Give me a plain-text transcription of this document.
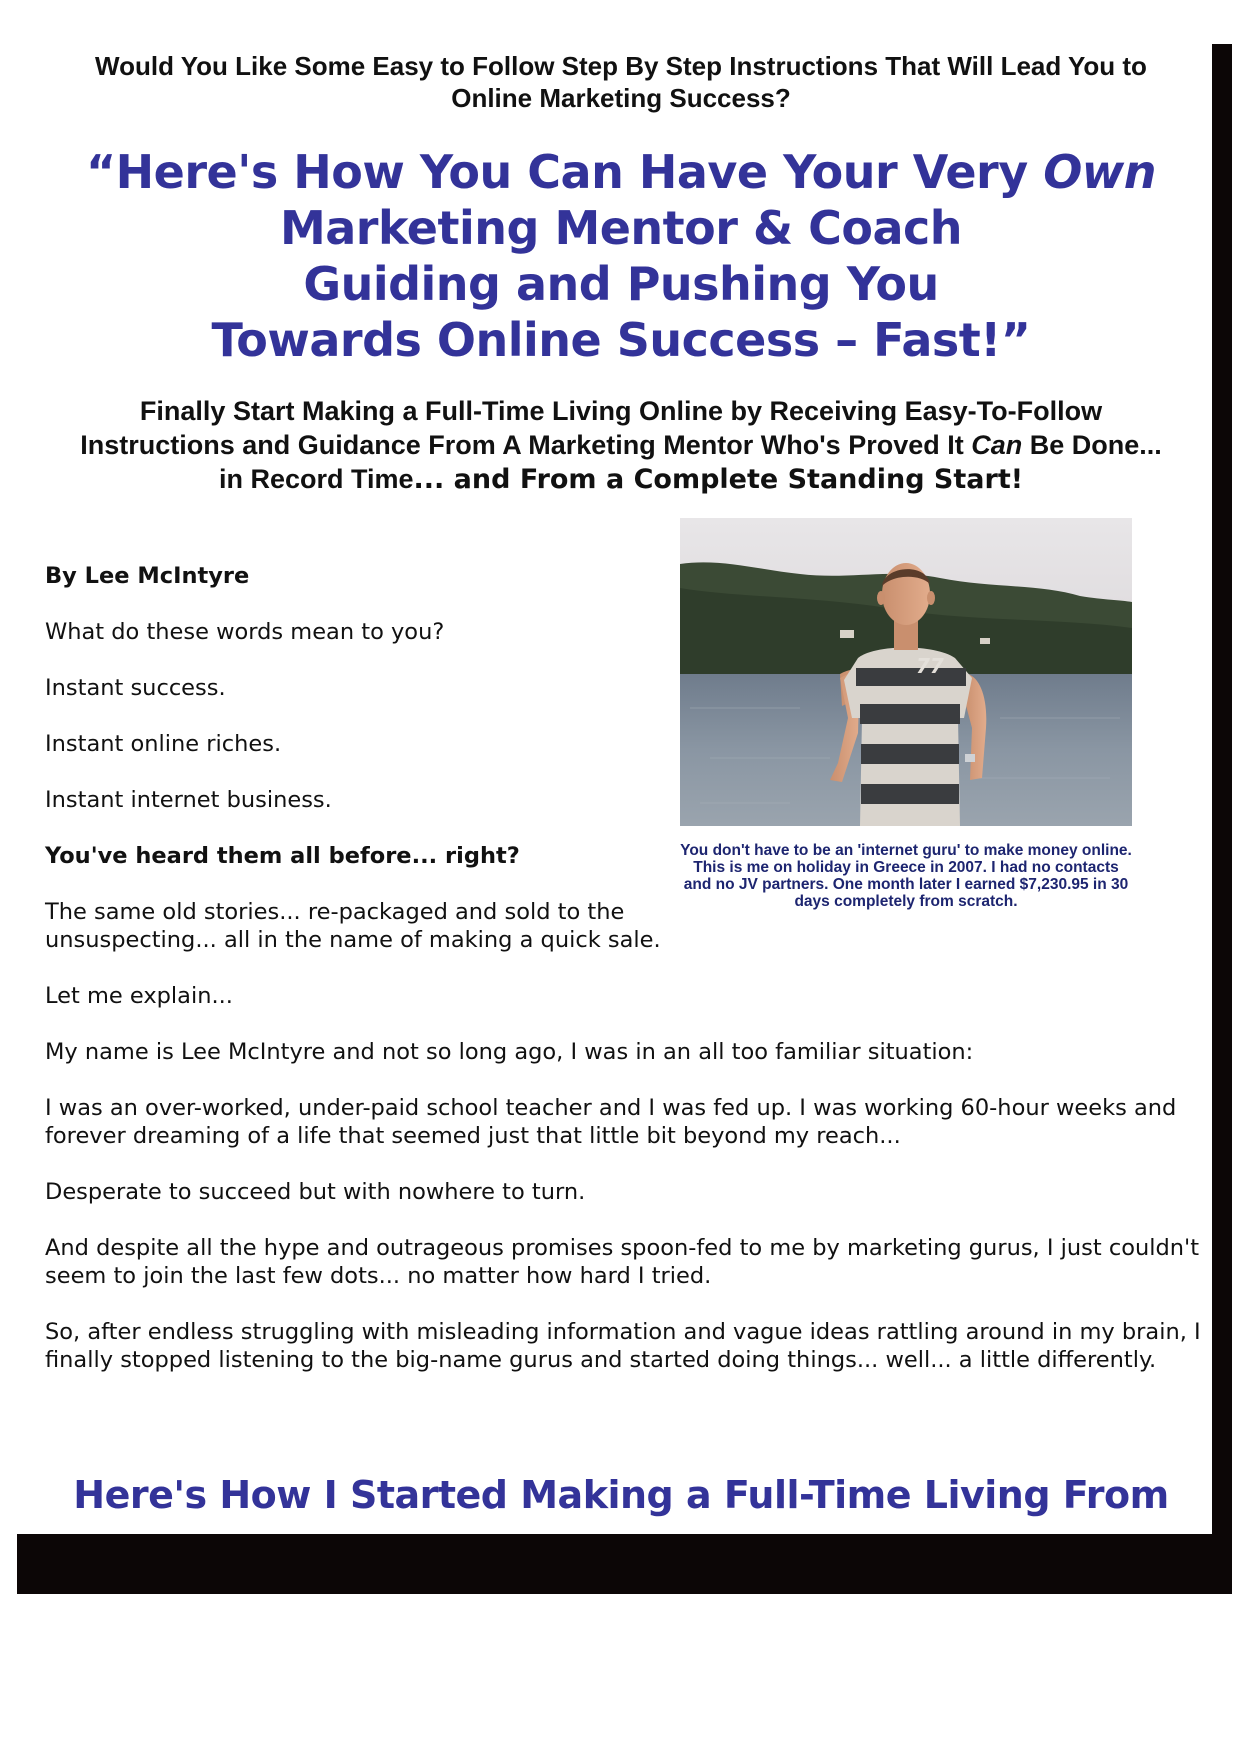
Would You Like Some Easy to Follow Step By Step Instructions That Will Lead You to Online Marketing Success?
“Here's How You Can Have Your Very Own
Marketing Mentor & Coach
Guiding and Pushing You
Towards Online Success – Fast!”
Finally Start Making a Full-Time Living Online by Receiving Easy-To-Follow Instructions and Guidance From A Marketing Mentor Who's Proved It Can Be Done... in Record Time... and From a Complete Standing Start!
77
You don't have to be an 'internet guru' to make money online. This is me on holiday in Greece in 2007. I had no contacts and no JV partners. One month later I earned $7,230.95 in 30 days completely from scratch.

By Lee McIntyre

What do these words mean to you?

Instant success.

Instant online riches.

Instant internet business.

You've heard them all before... right?

The same old stories... re-packaged and sold to the unsuspecting... all in the name of making a quick sale.

Let me explain...

My name is Lee McIntyre and not so long ago, I was in an all too familiar situation:

I was an over-worked, under-paid school teacher and I was fed up. I was working 60-hour weeks and forever dreaming of a life that seemed just that little bit beyond my reach...

Desperate to succeed but with nowhere to turn.

And despite all the hype and outrageous promises spoon-fed to me by marketing gurus, I just couldn't seem to join the last few dots... no matter how hard I tried.

So, after endless struggling with misleading information and vague ideas rattling around in my brain, I finally stopped listening to the big-name gurus and started doing things... well... a little differently.

Here's How I Started Making a Full-Time Living From
